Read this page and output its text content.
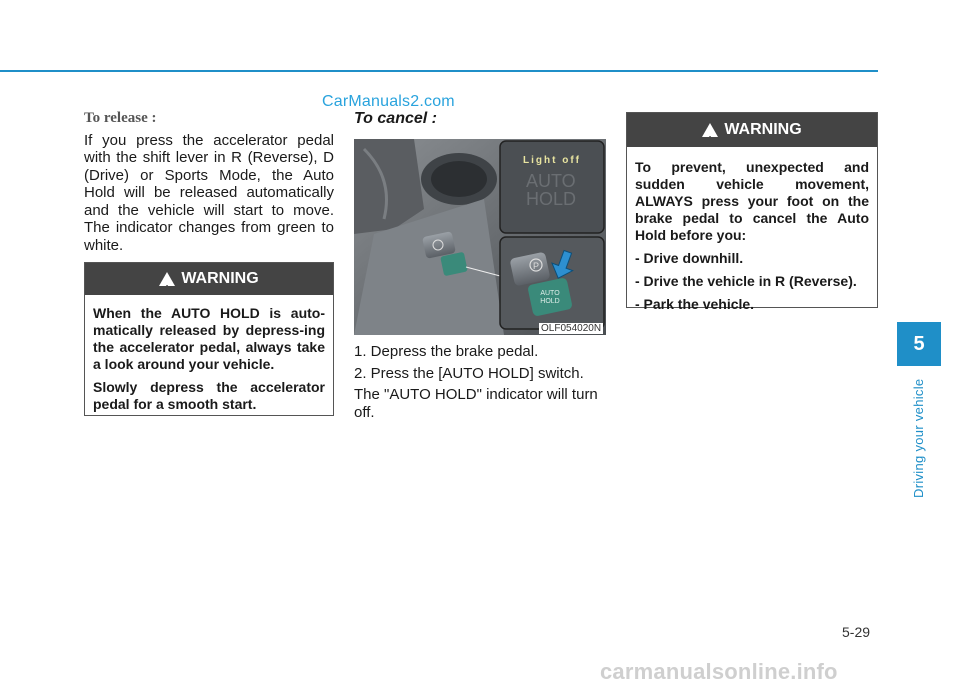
CarManuals2.com

To release :

If you press the accelerator pedal with the shift lever in R (Reverse), D (Drive) or Sports Mode, the Auto Hold will be released automatically and the vehicle will start to move. The indicator changes from green to white.

!
WARNING

When the AUTO HOLD is auto-matically released by depress-ing the accelerator pedal, always take a look around your vehicle.

Slowly depress the accelerator pedal for a smooth start.

To cancel :

Light off
AUTO
HOLD
P
AUTO
HOLD
OLF054020N

1. Depress the brake pedal.

2. Press the [AUTO HOLD] switch.

The "AUTO HOLD" indicator will turn off.

!
WARNING

To prevent, unexpected and sudden vehicle movement, ALWAYS press your foot on the brake pedal to cancel the Auto Hold before you:

- Drive downhill.

- Drive the vehicle in R (Reverse).

- Park the vehicle.

5
Driving your vehicle
5-29
carmanualsonline.info
